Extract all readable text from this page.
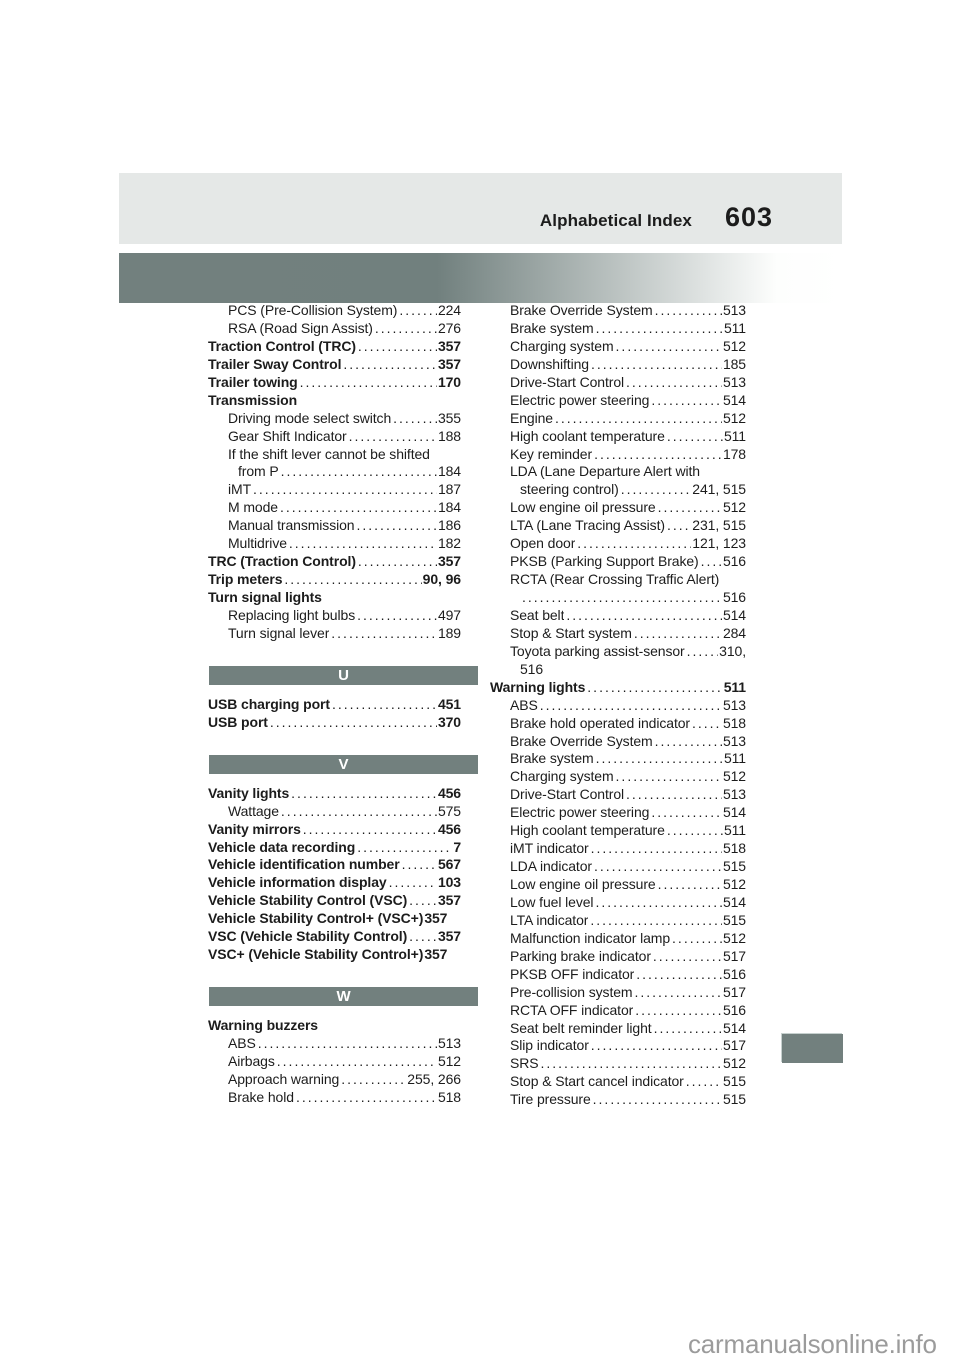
Alphabetical Index 603
PCS (Pre-Collision System) .....	224
RSA (Road Sign Assist) .....	276
Traction Control (TRC) .....	357
Trailer Sway Control .....	357
Trailer towing .....	170
Transmission
Driving mode select switch .....	355
Gear Shift Indicator .....	188
If the shift lever cannot be shifted
from P .....	184
iMT .....	187
M mode .....	184
Manual transmission .....	186
Multidrive .....	182
TRC (Traction Control) .....	357
Trip meters .....	90, 96
Turn signal lights
Replacing light bulbs .....	497
Turn signal lever .....	189
U
USB charging port .....	451
USB port .....	370
V
Vanity lights .....	456
Wattage .....	575
Vanity mirrors .....	456
Vehicle data recording .....	7
Vehicle identification number .....	567
Vehicle information display .....	103
Vehicle Stability Control (VSC) ..... 357
Vehicle Stability Control+ (VSC+) 357
VSC (Vehicle Stability Control) ..... 357
VSC+ (Vehicle Stability Control+) 357
W
Warning buzzers
ABS .....	513
Airbags .....	512
Approach warning .....	255, 266
Brake hold .....	518
Brake Override System .....	513
Brake system .....	511
Charging system .....	512
Downshifting .....	185
Drive-Start Control .....	513
Electric power steering .....	514
Engine .....	512
High coolant temperature .....	511
Key reminder .....	178
LDA (Lane Departure Alert with
steering control) .....	241, 515
Low engine oil pressure .....	512
LTA (Lane Tracing Assist) ..... 231, 515
Open door .....	121, 123
PKSB (Parking Support Brake) ..... 516
RCTA (Rear Crossing Traffic Alert)
.....
516
Seat belt .....	514
Stop & Start system .....	284
Toyota parking assist-sensor ..... 310,
516
Warning lights .....	511
ABS .....	513
Brake hold operated indicator ..... 518
Brake Override System .....	513
Brake system .....	511
Charging system .....	512
Drive-Start Control .....	513
Electric power steering .....	514
High coolant temperature .....	511
iMT indicator .....	518
LDA indicator .....	515
Low engine oil pressure .....	512
Low fuel level .....	514
LTA indicator .....	515
Malfunction indicator lamp .....	512
Parking brake indicator .....	517
PKSB OFF indicator .....	516
Pre-collision system .....	517
RCTA OFF indicator .....	516
Seat belt reminder light .....	514
Slip indicator .....	517
SRS .....	512
Stop & Start cancel indicator .....	515
Tire pressure .....	515
carmanualsonline.info
